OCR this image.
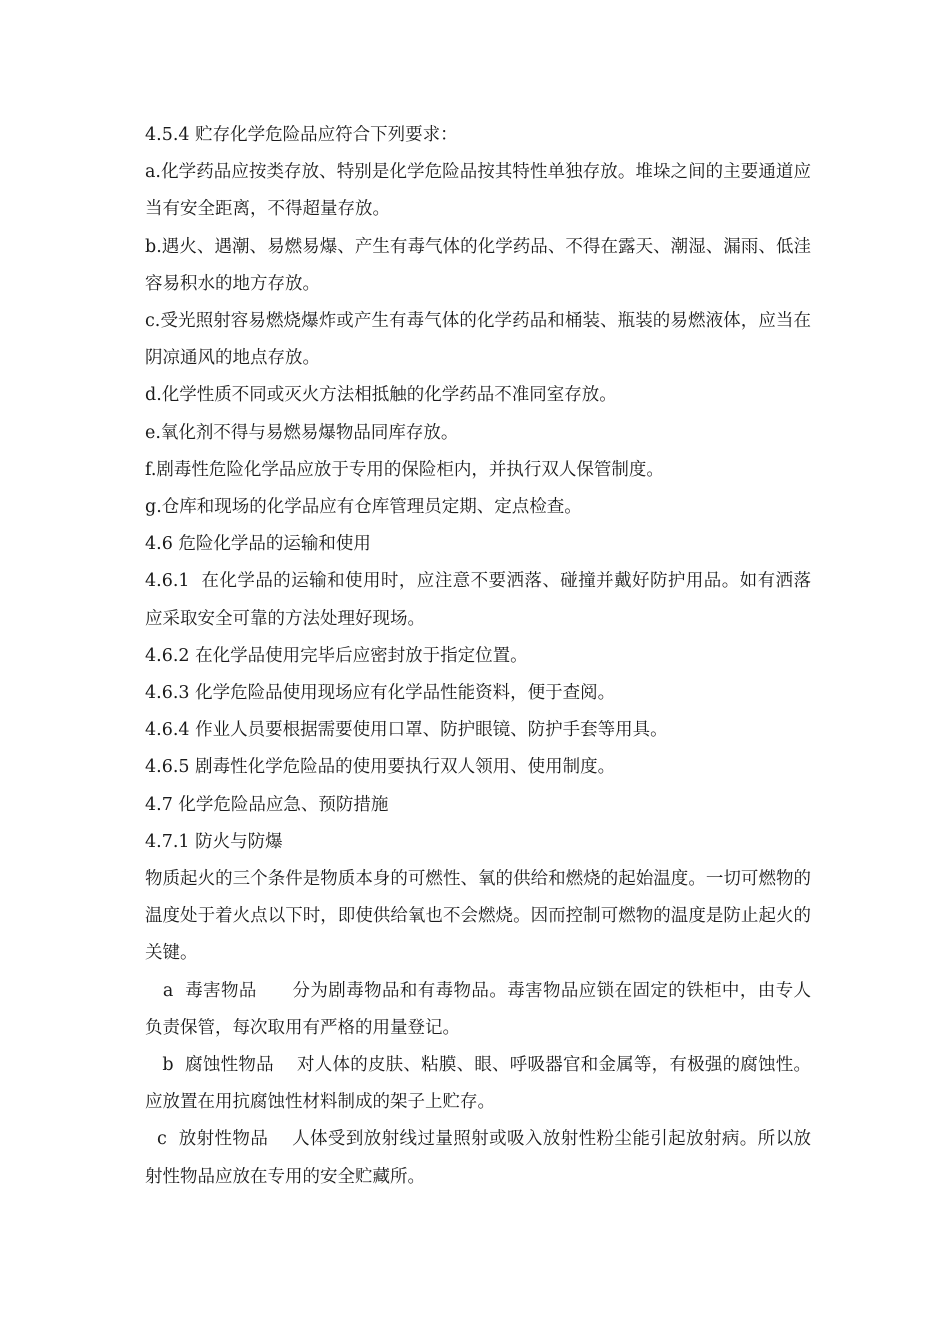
4.5.4 贮存化学危险品应符合下列要求：

a.化学药品应按类存放、特别是化学危险品按其特性单独存放。堆垛之间的主要通道应当有安全距离，不得超量存放。

b.遇火、遇潮、易燃易爆、产生有毒气体的化学药品、不得在露天、潮湿、漏雨、低洼容易积水的地方存放。

c.受光照射容易燃烧爆炸或产生有毒气体的化学药品和桶装、瓶装的易燃液体，应当在阴凉通风的地点存放。

d.化学性质不同或灭火方法相抵触的化学药品不准同室存放。

e.氧化剂不得与易燃易爆物品同库存放。

f.剧毒性危险化学品应放于专用的保险柜内，并执行双人保管制度。

g.仓库和现场的化学品应有仓库管理员定期、定点检查。

4.6 危险化学品的运输和使用

4.6.1  在化学品的运输和使用时，应注意不要洒落、碰撞并戴好防护用品。如有洒落应采取安全可靠的方法处理好现场。

4.6.2 在化学品使用完毕后应密封放于指定位置。

4.6.3 化学危险品使用现场应有化学品性能资料，便于查阅。

4.6.4 作业人员要根据需要使用口罩、防护眼镜、防护手套等用具。

4.6.5 剧毒性化学危险品的使用要执行双人领用、使用制度。

4.7 化学危险品应急、预防措施

4.7.1 防火与防爆

物质起火的三个条件是物质本身的可燃性、氧的供给和燃烧的起始温度。一切可燃物的温度处于着火点以下时，即使供给氧也不会燃烧。因而控制可燃物的温度是防止起火的关键。

a  毒害物品      分为剧毒物品和有毒物品。毒害物品应锁在固定的铁柜中，由专人负责保管，每次取用有严格的用量登记。

b  腐蚀性物品    对人体的皮肤、粘膜、眼、呼吸器官和金属等，有极强的腐蚀性。应放置在用抗腐蚀性材料制成的架子上贮存。

c  放射性物品    人体受到放射线过量照射或吸入放射性粉尘能引起放射病。所以放射性物品应放在专用的安全贮藏所。
